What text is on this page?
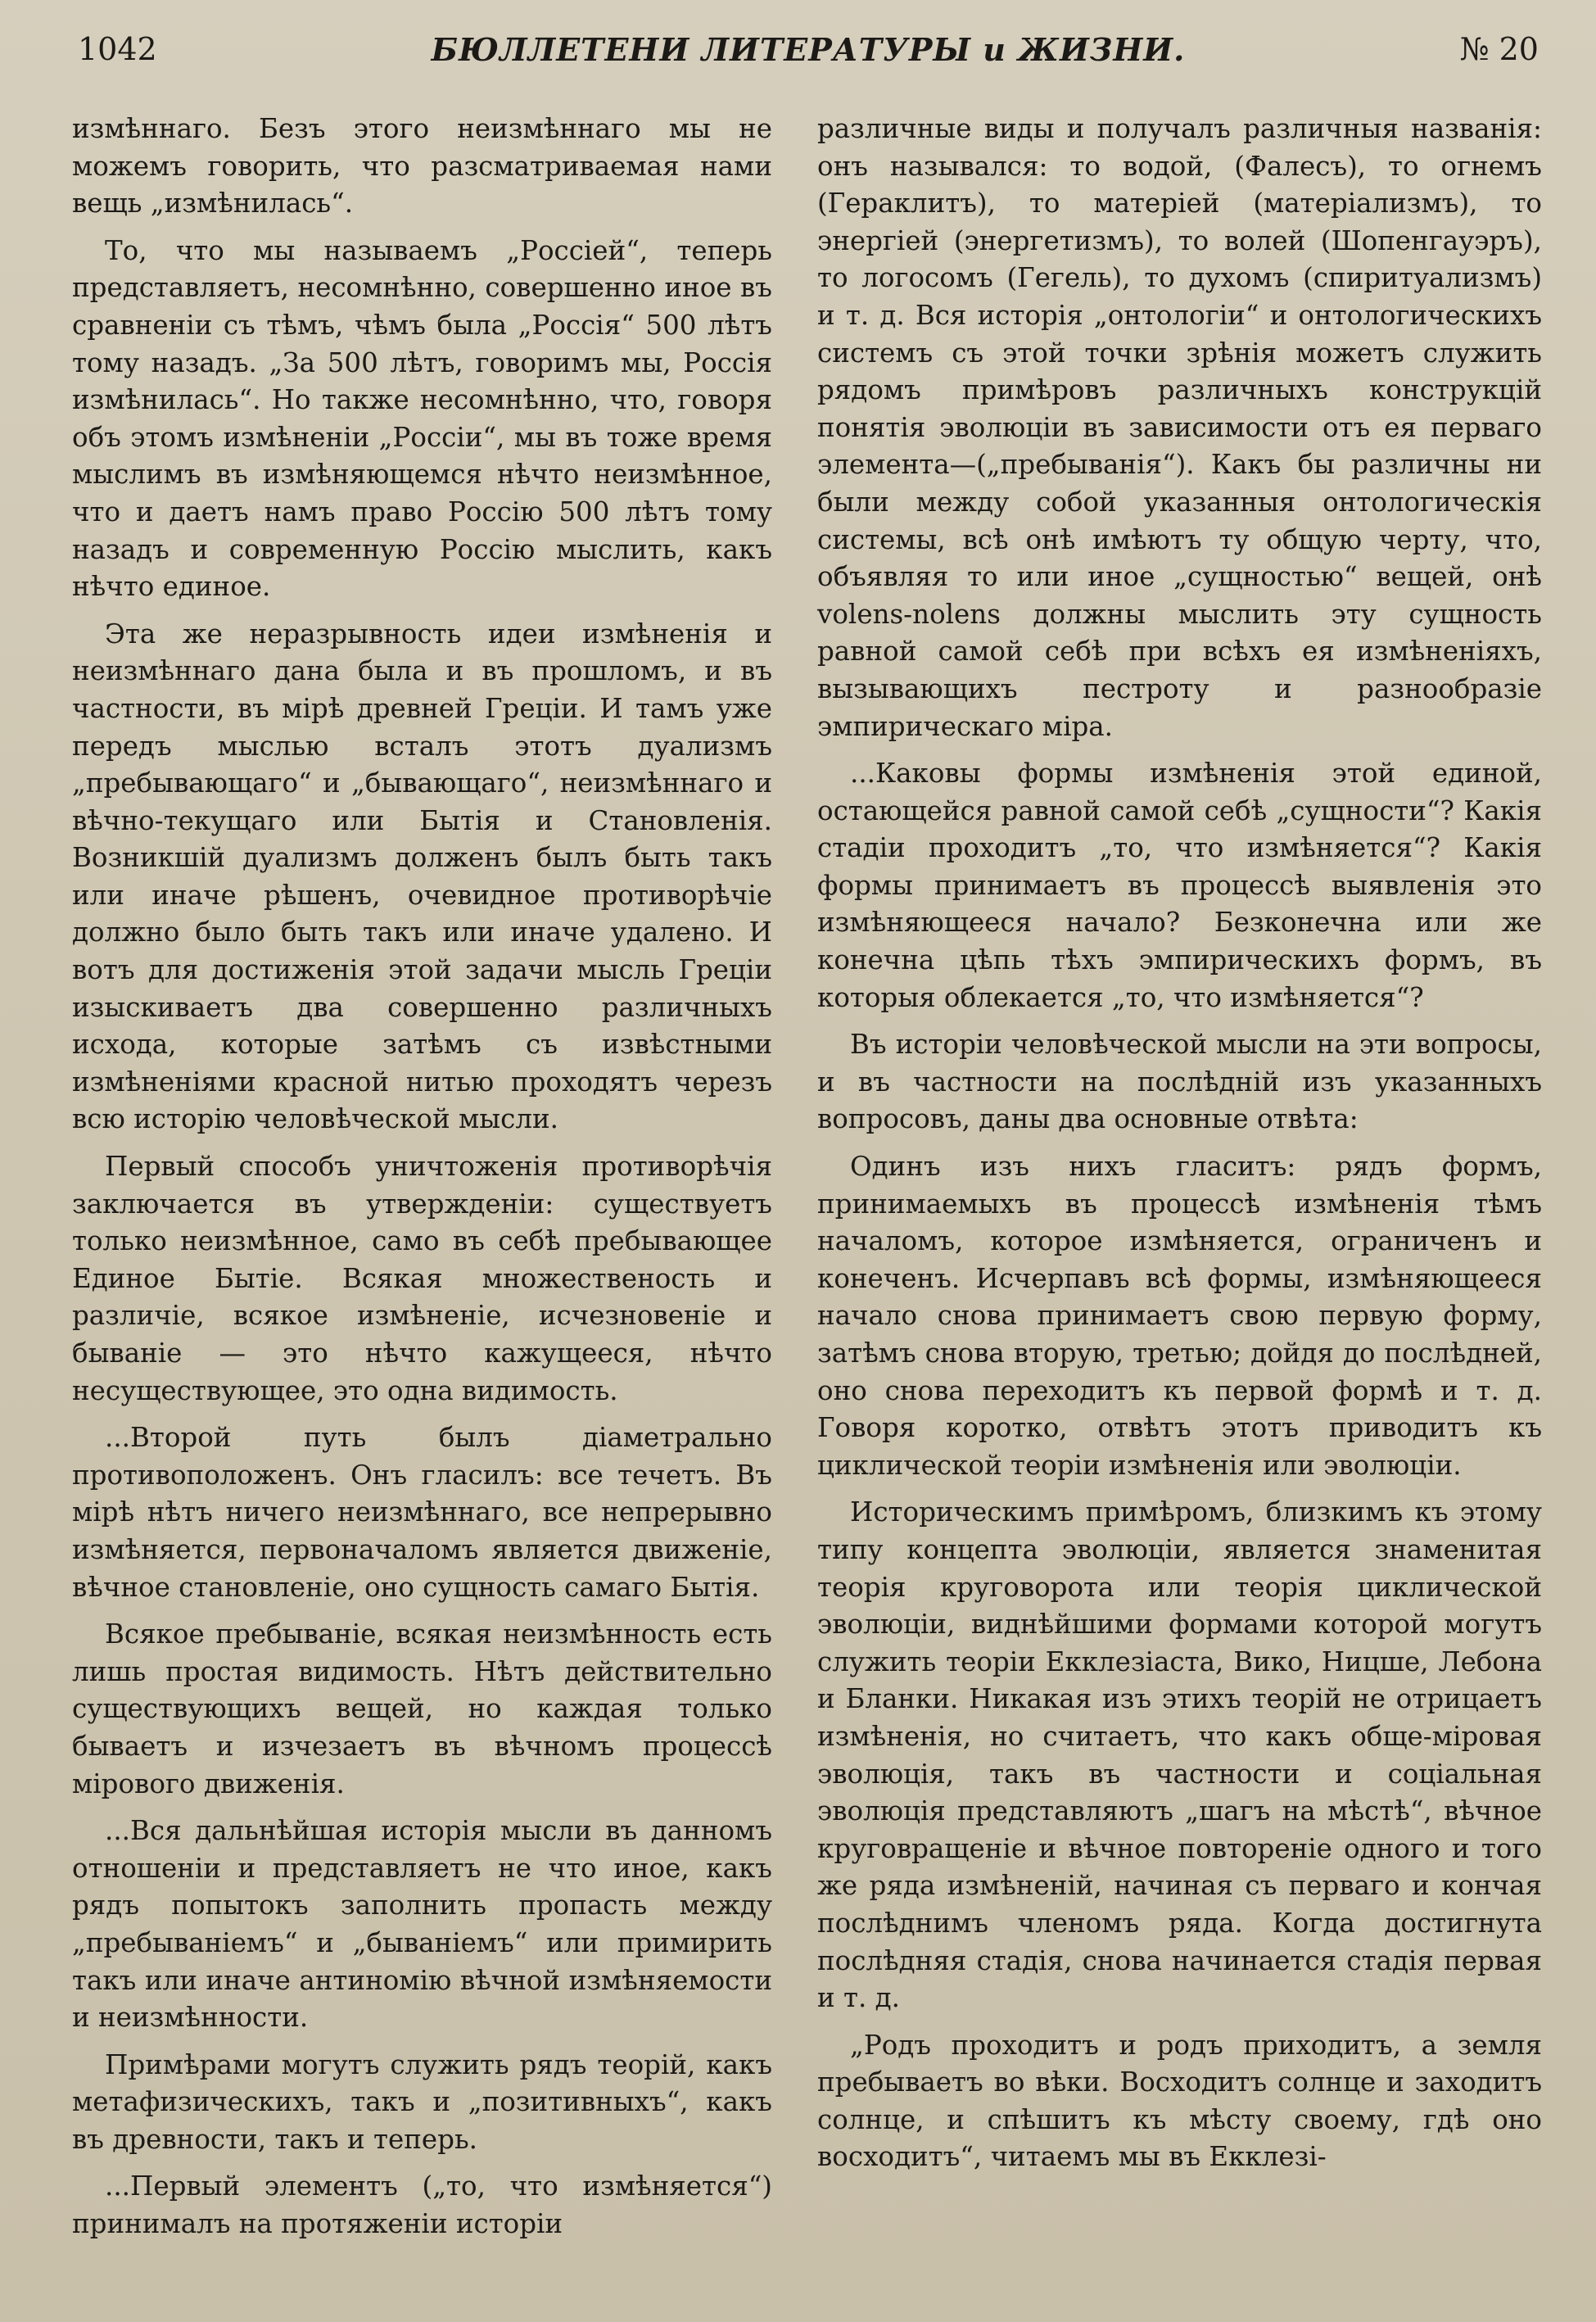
1042	БЮЛЛЕТЕНИ ЛИТЕРАТУРЫ и ЖИЗНИ.	№ 20

измѣннаго. Безъ этого неизмѣннаго мы не можемъ говорить, что разсматриваемая нами вещь „измѣнилась“.

То, что мы называемъ „Россiей“, теперь представляетъ, несомнѣнно, совершенно иное въ сравненiи съ тѣмъ, чѣмъ была „Россія“ 500 лѣтъ тому назадъ. „За 500 лѣтъ, говоримъ мы, Россія измѣнилась“. Но также несомнѣнно, что, говоря объ этомъ измѣненiи „Россiи“, мы въ тоже время мыслимъ въ измѣняющемся нѣчто неизмѣнное, что и даетъ намъ право Россiю 500 лѣтъ тому назадъ и современную Россiю мыслить, какъ нѣчто единое.

Эта же неразрывность идеи измѣненія и неизмѣннаго дана была и въ прошломъ, и въ частности, въ мiрѣ древней Грецiи. И тамъ уже передъ мыслью всталъ этотъ дуализмъ „пребывающаго“ и „бывающаго“, неизмѣннаго и вѣчно-текущаго или Бытія и Становленія. Возникшiй дуализмъ долженъ былъ быть такъ или иначе рѣшенъ, очевидное противорѣчiе должно было быть такъ или иначе удалено. И вотъ для достиженія этой задачи мысль Грецiи изыскиваетъ два совершенно различныхъ исхода, которые затѣмъ съ извѣстными измѣненiями красной нитью проходятъ черезъ всю исторiю человѣческой мысли.

Первый способъ уничтоженія противорѣчiя заключается въ утвержденiи: существуетъ только неизмѣнное, само въ себѣ пребывающее Единое Бытiе. Всякая множественость и различiе, всякое измѣненiе, исчезновенiе и быванiе — это нѣчто кажущееся, нѣчто несуществующее, это одна видимость.

...Второй путь былъ дiаметрально противоположенъ. Онъ гласилъ: все течетъ. Въ мiрѣ нѣтъ ничего неизмѣннаго, все непрерывно измѣняется, первоначаломъ является движенiе, вѣчное становленiе, оно сущность самаго Бытія.

Всякое пребыванiе, всякая неизмѣнность есть лишь простая видимость. Нѣтъ действительно существующихъ вещей, но каждая только бываетъ и изчезаетъ въ вѣчномъ процессѣ мiрового движенія.

...Вся дальнѣйшая исторія мысли въ данномъ отношенiи и представляетъ не что иное, какъ рядъ попытокъ заполнить пропасть между „пребыванiемъ“ и „быванiемъ“ или примирить такъ или иначе антиномiю вѣчной измѣняемости и неизмѣнности.

Примѣрами могутъ служить рядъ теорiй, какъ метафизическихъ, такъ и „позитивныхъ“, какъ въ древности, такъ и теперь.

...Первый элементъ („то, что измѣняется“) принималъ на протяженiи исторiи

различные виды и получалъ различныя названiя: онъ назывался: то водой, (Фалесъ), то огнемъ (Гераклитъ), то матерiей (матерiализмъ), то энергiей (энергетизмъ), то волей (Шопенгауэръ), то логосомъ (Гегель), то духомъ (спиритуализмъ) и т. д. Вся исторiя „онтологiи“ и онтологическихъ системъ съ этой точки зрѣнiя можетъ служить рядомъ примѣровъ различныхъ конструкцiй понятія эволюцiи въ зависимости отъ ея перваго элемента—(„пребыванiя“). Какъ бы различны ни были между собой указанныя онтологическiя системы, всѣ онѣ имѣютъ ту общую черту, что, объявляя то или иное „сущностью“ вещей, онѣ volens-nolens должны мыслить эту сущность равной самой себѣ при всѣхъ ея измѣненiяхъ, вызывающихъ пестроту и разнообразiе эмпирическаго мiра.

...Каковы формы измѣненія этой единой, остающейся равной самой себѣ „сущности“? Какiя стадiи проходитъ „то, что измѣняется“? Какiя формы принимаетъ въ процессѣ выявленiя это измѣняющееся начало? Безконечна или же конечна цѣпь тѣхъ эмпирическихъ формъ, въ которыя облекается „то, что измѣняется“?

Въ исторiи человѣческой мысли на эти вопросы, и въ частности на послѣднiй изъ указанныхъ вопросовъ, даны два основные отвѣта:

Одинъ изъ нихъ гласитъ: рядъ формъ, принимаемыхъ въ процессѣ измѣненія тѣмъ началомъ, которое измѣняется, ограниченъ и конеченъ. Исчерпавъ всѣ формы, измѣняющееся начало снова принимаетъ свою первую форму, затѣмъ снова вторую, третью; дойдя до послѣдней, оно снова переходитъ къ первой формѣ и т. д. Говоря коротко, отвѣтъ этотъ приводитъ къ циклической теорiи измѣненія или эволюцiи.

Историческимъ примѣромъ, близкимъ къ этому типу концепта эволюцiи, является знаменитая теорiя круговорота или теорія циклической эволюцiи, виднѣйшими формами которой могутъ служить теорiи Екклезiаста, Вико, Ницше, Лебона и Бланки. Никакая изъ этихъ теорiй не отрицаетъ измѣненія, но считаетъ, что какъ обще-мiровая эволюція, такъ въ частности и соцiальная эволюцiя представляютъ „шагъ на мѣстѣ“, вѣчное круговращенiе и вѣчное повторенiе одного и того же ряда измѣненiй, начиная съ перваго и кончая послѣднимъ членомъ ряда. Когда достигнута послѣдняя стадiя, снова начинается стадiя первая и т. д.

„Родъ проходитъ и родъ приходитъ, а земля пребываетъ во вѣки. Восходитъ солнце и заходитъ солнце, и спѣшитъ къ мѣсту своему, гдѣ оно восходитъ“, читаемъ мы въ Екклезi-
